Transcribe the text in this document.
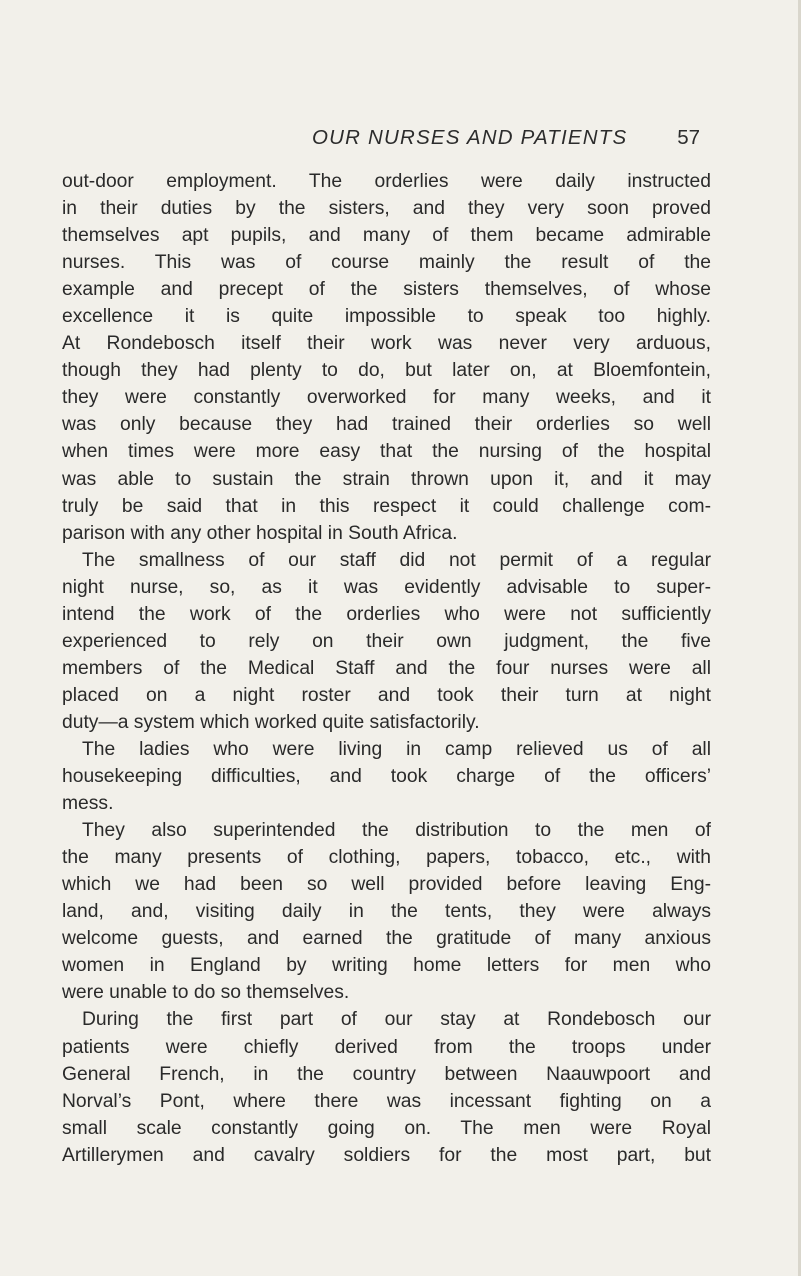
OUR NURSES AND PATIENTS 57
out-door employment. The orderlies were daily instructed
in their duties by the sisters, and they very soon proved
themselves apt pupils, and many of them became admirable
nurses. This was of course mainly the result of the
example and precept of the sisters themselves, of whose
excellence it is quite impossible to speak too highly.
At Rondebosch itself their work was never very arduous,
though they had plenty to do, but later on, at Bloemfontein,
they were constantly overworked for many weeks, and it
was only because they had trained their orderlies so well
when times were more easy that the nursing of the hospital
was able to sustain the strain thrown upon it, and it may
truly be said that in this respect it could challenge com-
parison with any other hospital in South Africa.
The smallness of our staff did not permit of a regular
night nurse, so, as it was evidently advisable to super-
intend the work of the orderlies who were not sufficiently
experienced to rely on their own judgment, the five
members of the Medical Staff and the four nurses were all
placed on a night roster and took their turn at night
duty—a system which worked quite satisfactorily.
The ladies who were living in camp relieved us of all
housekeeping difficulties, and took charge of the officers’
mess.
They also superintended the distribution to the men of
the many presents of clothing, papers, tobacco, etc., with
which we had been so well provided before leaving Eng-
land, and, visiting daily in the tents, they were always
welcome guests, and earned the gratitude of many anxious
women in England by writing home letters for men who
were unable to do so themselves.
During the first part of our stay at Rondebosch our
patients were chiefly derived from the troops under
General French, in the country between Naauwpoort and
Norval’s Pont, where there was incessant fighting on a
small scale constantly going on. The men were Royal
Artillerymen and cavalry soldiers for the most part, but
